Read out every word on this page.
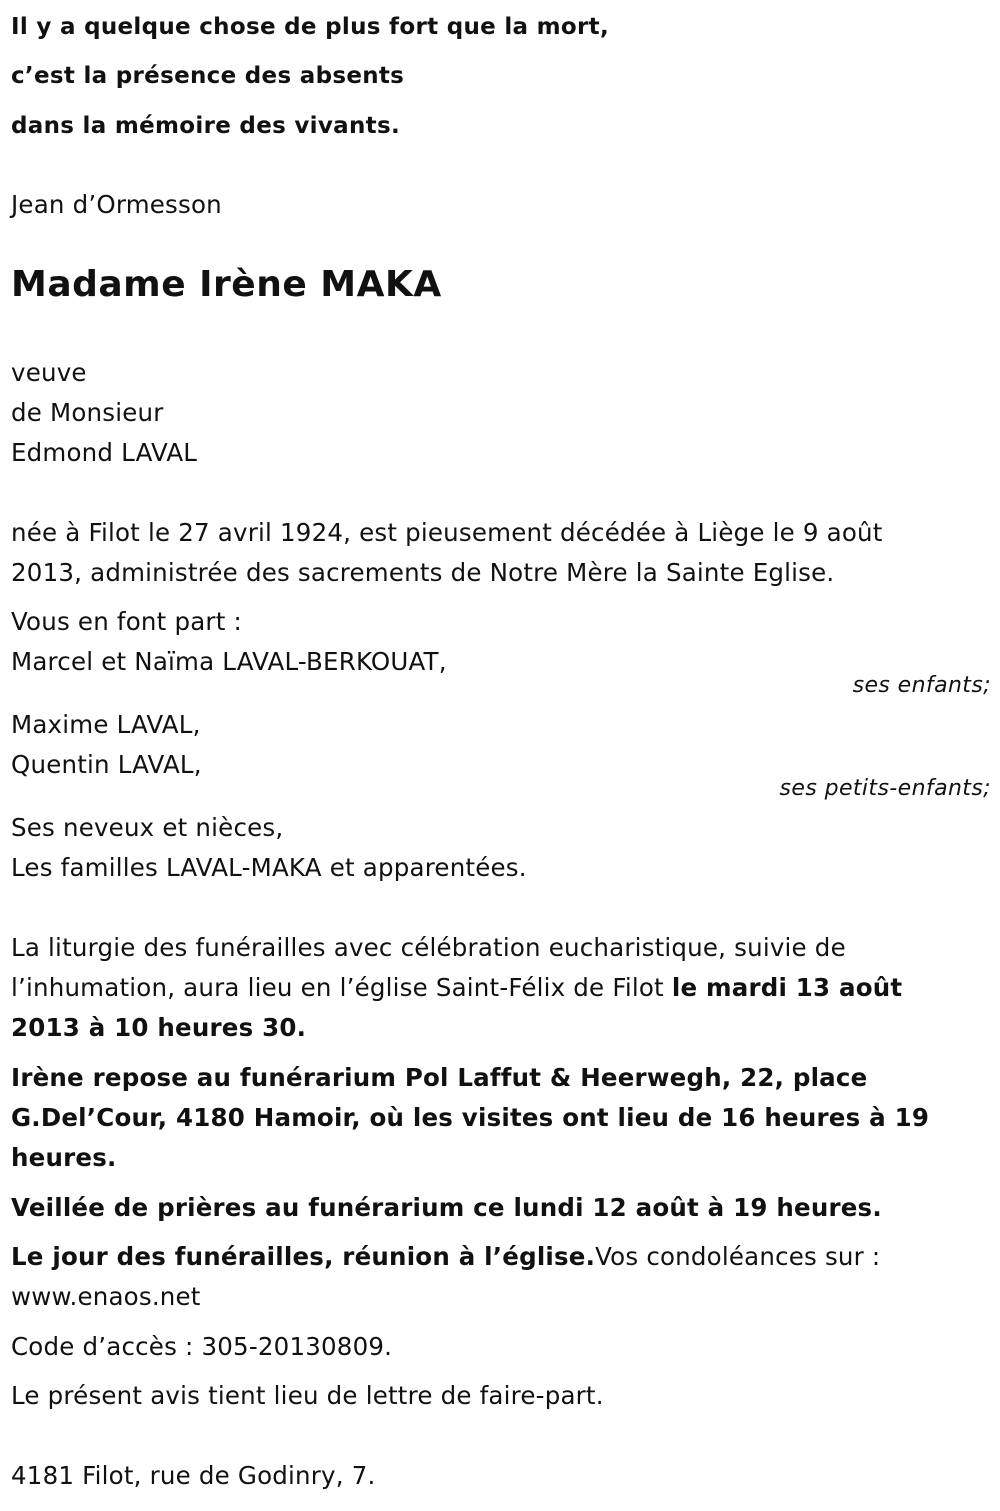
Il y a quelque chose de plus fort que la mort,
c’est la présence des absents
dans la mémoire des vivants.
Jean d’Ormesson
Madame Irène MAKA
veuve
de Monsieur
Edmond LAVAL
née à Filot le 27 avril 1924, est pieusement décédée à Liège le 9 août
2013, administrée des sacrements de Notre Mère la Sainte Eglise.
Vous en font part :
Marcel et Naïma LAVAL-BERKOUAT,
ses enfants;
Maxime LAVAL,
Quentin LAVAL,
ses petits-enfants;
Ses neveux et nièces,
Les familles LAVAL-MAKA et apparentées.
La liturgie des funérailles avec célébration eucharistique, suivie de
l’inhumation, aura lieu en l’église Saint-Félix de Filot le mardi 13 août
2013 à 10 heures 30.
Irène repose au funérarium Pol Laffut & Heerwegh, 22, place
G.Del’Cour, 4180 Hamoir, où les visites ont lieu de 16 heures à 19
heures.
Veillée de prières au funérarium ce lundi 12 août à 19 heures.
Le jour des funérailles, réunion à l’église.Vos condoléances sur :
www.enaos.net
Code d’accès : 305-20130809.
Le présent avis tient lieu de lettre de faire-part.
4181 Filot, rue de Godinry, 7.
